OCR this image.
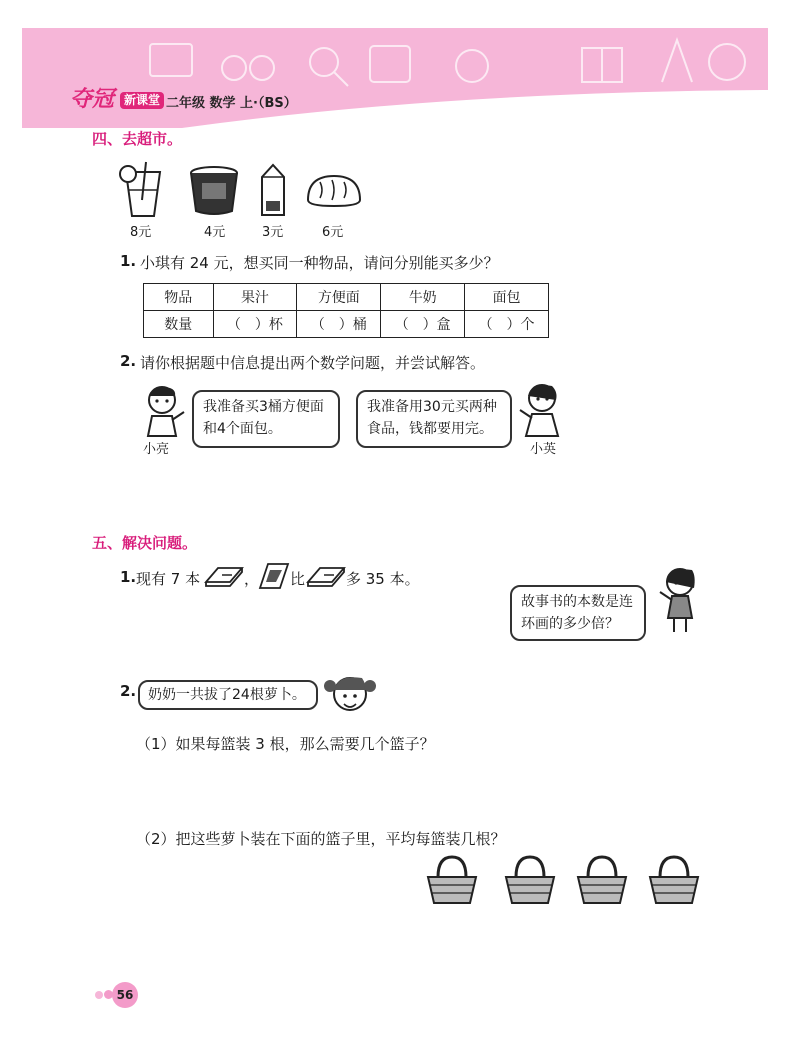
夺冠 新课堂 二年级 数学 上·（BS）
四、去超市。
8元	4元	3元	6元
1. 小琪有 24 元，想买同一种物品，请问分别能买多少？
物品	果汁	方便面	牛奶	面包
数量	（　）杯	（　）桶	（　）盒	（　）个
2. 请你根据题中信息提出两个数学问题，并尝试解答。
小亮
我准备买3桶方便面和4个面包。
我准备用30元买两种食品，钱都要用完。
小英
五、解决问题。
1. 现有 7 本	， 比	多 35 本。
故事书的本数是连环画的多少倍？
2. 奶奶一共拔了24根萝卜。
（1）如果每篮装 3 根，那么需要几个篮子？
（2）把这些萝卜装在下面的篮子里，平均每篮装几根？
56
